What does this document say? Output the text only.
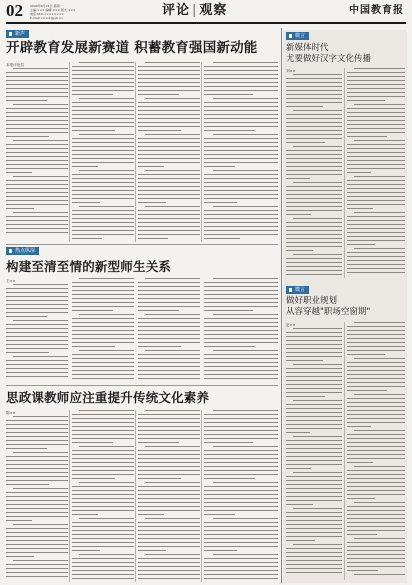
02 2020年6月15日 星期一
主编:××× 编辑:××× 版式:×××
电话:010-××××××××
E-mail:××××@jyb.cn	评论 | 观察	中国教育报
新声
开辟教育发展新赛道 积蓄教育强国新动能
本报评论员
热点纵深
构建至清至情的新型师生关系
王××
思政课教师应注重提升传统文化素养
陈××
微言
新媒体时代
尤要做好汉字文化传播
刘××
微言
做好职业规划
从容穿越"职场空窗期"
赵××
